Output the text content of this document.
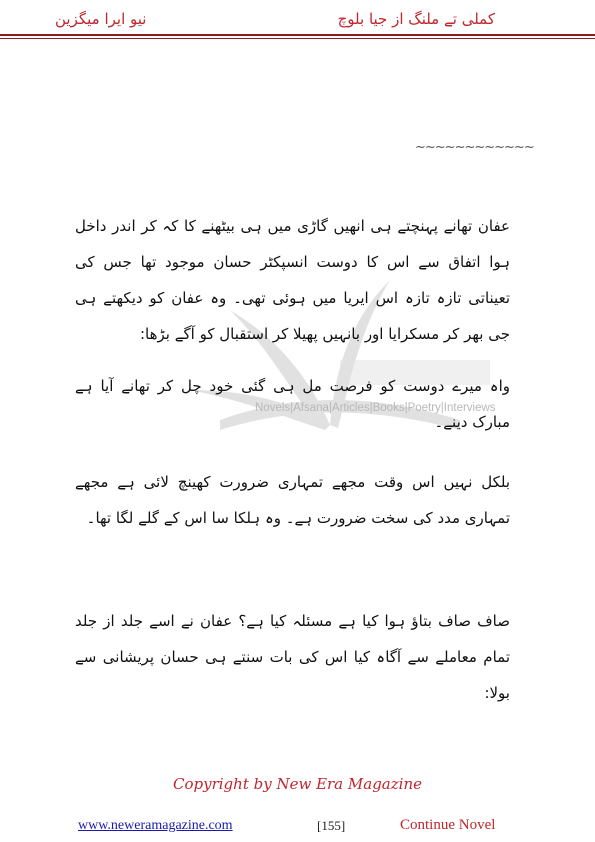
نیو ایرا میگزین	کملی تے ملنگ از جیا بلوچ
~~~~~~~~~~~~
Novels|Afsana|Articles|Books|Poetry|Interviews
عفان تھانے پہنچتے ہی انھیں گاڑی میں ہی بیٹھنے کا کہ کر اندر داخل ہوا اتفاق سے اس کا دوست انسپکٹر حسان موجود تھا جس کی تعیناتی تازہ تازہ اس ایریا میں ہوئی تھی۔ وہ عفان کو دیکھتے ہی جی بھر کر مسکرایا اور بانہیں پھیلا کر استقبال کو آگے بڑھا:
واہ میرے دوست کو فرصت مل ہی گئی خود چل کر تھانے آیا ہے مبارک دینے۔
بلکل نہیں اس وقت مجھے تمہاری ضرورت کھینچ لائی ہے مجھے تمہاری مدد کی سخت ضرورت ہے۔ وہ ہلکا سا اس کے گلے لگا تھا۔
صاف صاف بتاؤ ہوا کیا ہے مسئلہ کیا ہے؟ عفان نے اسے جلد از جلد تمام معاملے سے آگاہ کیا اس کی بات سنتے ہی حسان پریشانی سے بولا:
Copyright by New Era Magazine
www.neweramagazine.com	[155]	Continue Novel
